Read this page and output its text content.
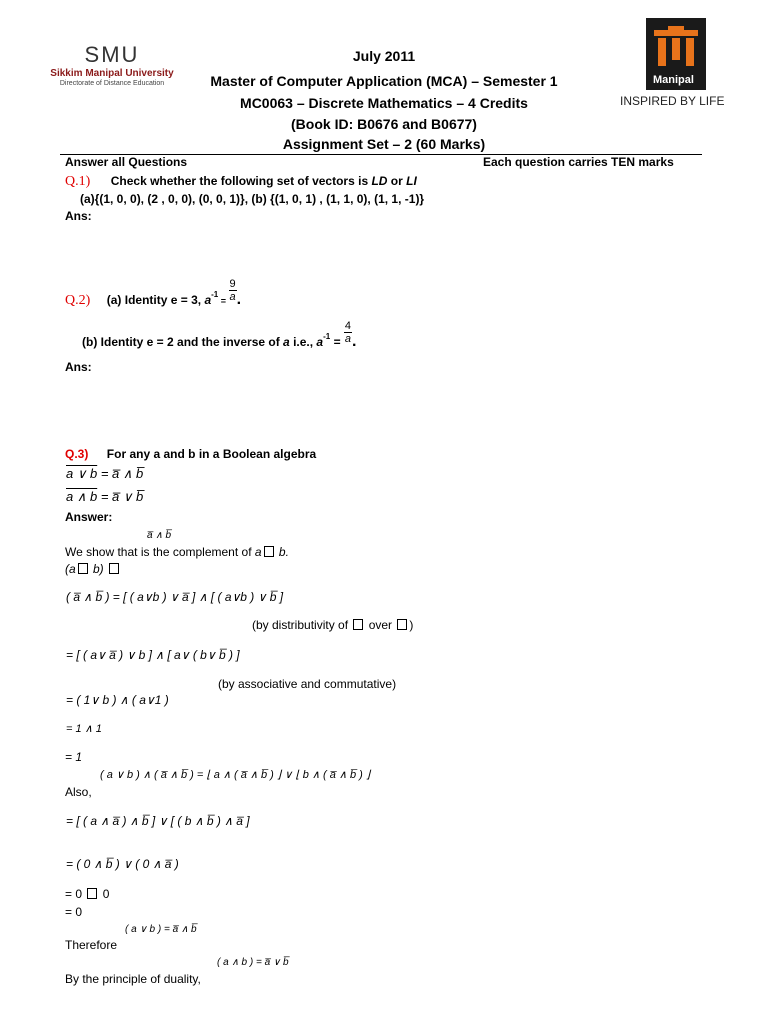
SMU
Sikkim Manipal University
Directorate of Distance Education	Manipal
INSPIRED BY LIFE
July 2011
Master of Computer Application (MCA) – Semester 1
MC0063 – Discrete Mathematics – 4 Credits
(Book ID: B0676 and B0677)
Assignment Set – 2 (60 Marks)
Answer all Questions	Each question carries TEN marks
Q.1) Check whether the following set of vectors is LD or LI
(a){(1, 0, 0), (2 , 0, 0), (0, 0, 1)}, (b) {(1, 0, 1) , (1, 1, 0), (1, 1, -1)}
Ans:
Q.2) $_{(a) Identity e = 3,}$ $_a^{-1}$ $_= \frac{9}{a}$ .
$_{(b) Identity e = 2 and the inverse of}$ $_a$ $_{i.e.,}$ $_a^{-1}$ $_= \frac{4}{a}$ .
Ans:
Q.3) For any a and b in a Boolean algebra
a ∨ b = a̅ ∧ b̅
a ∧ b = a̅ ∨ b̅
Answer:
a̅ ∧ b̅
We show that is the complement of a b.
(a b)
( a̅ ∧ b̅ ) = [ ( a∨b ) ∨ a̅ ] ∧ [ ( a∨b ) ∨ b̅ ]
(by distributivity of  over )
= [ ( a∨ a̅ ) ∨ b ] ∧ [ a∨ ( b∨ b̅ ) ]
(by associative and commutative)
= ( 1∨ b ) ∧ ( a∨1 )
= 1 ∧ 1
= 1
( a ∨ b ) ∧ ( a̅ ∧ b̅ ) = ⌊ a ∧ ( a̅ ∧ b̅ ) ⌋ ∨ ⌊ b ∧ ( a̅ ∧ b̅ ) ⌋
Also,
= [ ( a ∧ a̅ ) ∧ b̅ ] ∨ [ ( b ∧ b̅ ) ∧ a̅ ]
= ( 0 ∧ b̅ ) ∨ ( 0 ∧ a̅ )
= 0  0
= 0
( a ∨ b ) = a̅ ∧ b̅
Therefore
( a ∧ b ) = a̅ ∨ b̅
By the principle of duality,
